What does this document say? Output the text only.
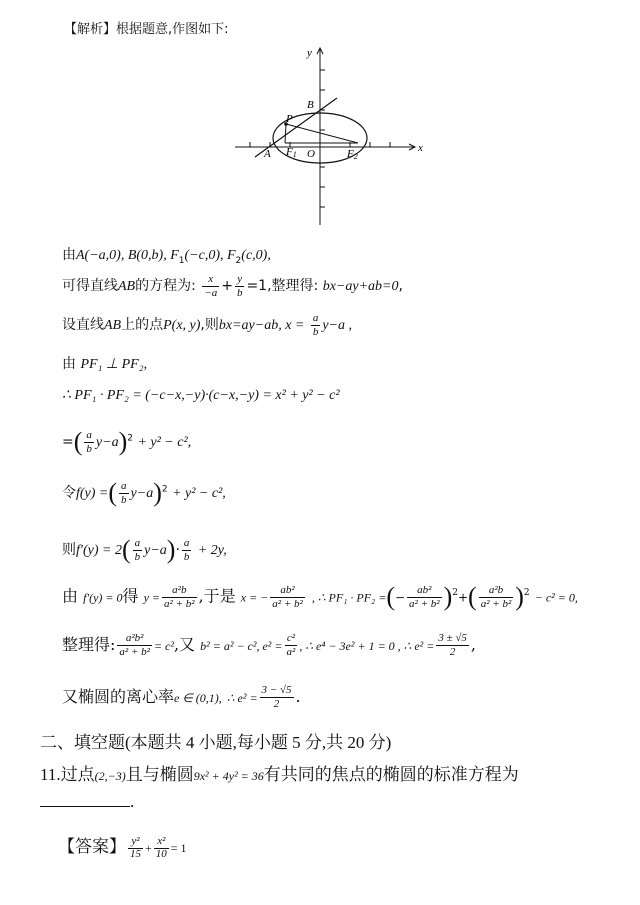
【解析】根据题意,作图如下:
x
y
B
P
A	O
F1	F2
由A(−a,0), B(0,b), $F_1(-c,0)$, $F_2(c,0)$,
可得直线AB的方程为: $\frac{x}{-a} + \frac{y}{b} =1$,整理得: bx−ay+ab=0,
设直线AB上的点P(x, y),则bx=ay−ab, $x = \frac{a}{b} y-a$ ,
由 PF₁ ⊥ PF₂,
∴ PF₁ · PF₂ = (−c−x,−y)·(c−x,−y) = x² + y² − c²
=( $\frac{a}{b} y-a)^2 + y^2 - c^2$,
令f(y) =( $\frac{a}{b} y-a)^2 + y^2 - c^2$,
则$f'(y) = 2( \frac{a}{b} y-a)\cdot \frac{a}{b} + 2y$,
由 f′(y) = 0得 $y = \frac{\text{a²b}}{\text{a² + b²}}$ ,于是 x = − $\frac{\text{ab²}}{\text{a² + b²}}$ , ∴ PF₁ · PF₂ =(− $\frac{\text{ab²}}{\text{a² + b²}} )^2+( \frac{\text{a²b}}{\text{a² + b²}} )^2 - c^2 = 0$,
整理得: $\frac{\text{a²b²}}{\text{a² + b²}} = c^2$,又 b² = a² − c², $e^2 = \frac{\text{c²}}{\text{a²}}$ , ∴ e⁴ − 3e² + 1 = 0 , ∴ $e^2 = \frac{3 \pm √5}{2}$ ,
又椭圆的离心率e ∈ (0,1), ∴ $e^2 = \frac{3 - √5}{2}$ .
二、填空题(本题共 4 小题,每小题 5 分,共 20 分)
11.过点(2,−3)且与椭圆9x² + 4y² = 36有共同的焦点的椭圆的标准方程为
.
【答案】 $\frac{\text{y²}}{15} + \frac{\text{x²}}{10} = 1$
